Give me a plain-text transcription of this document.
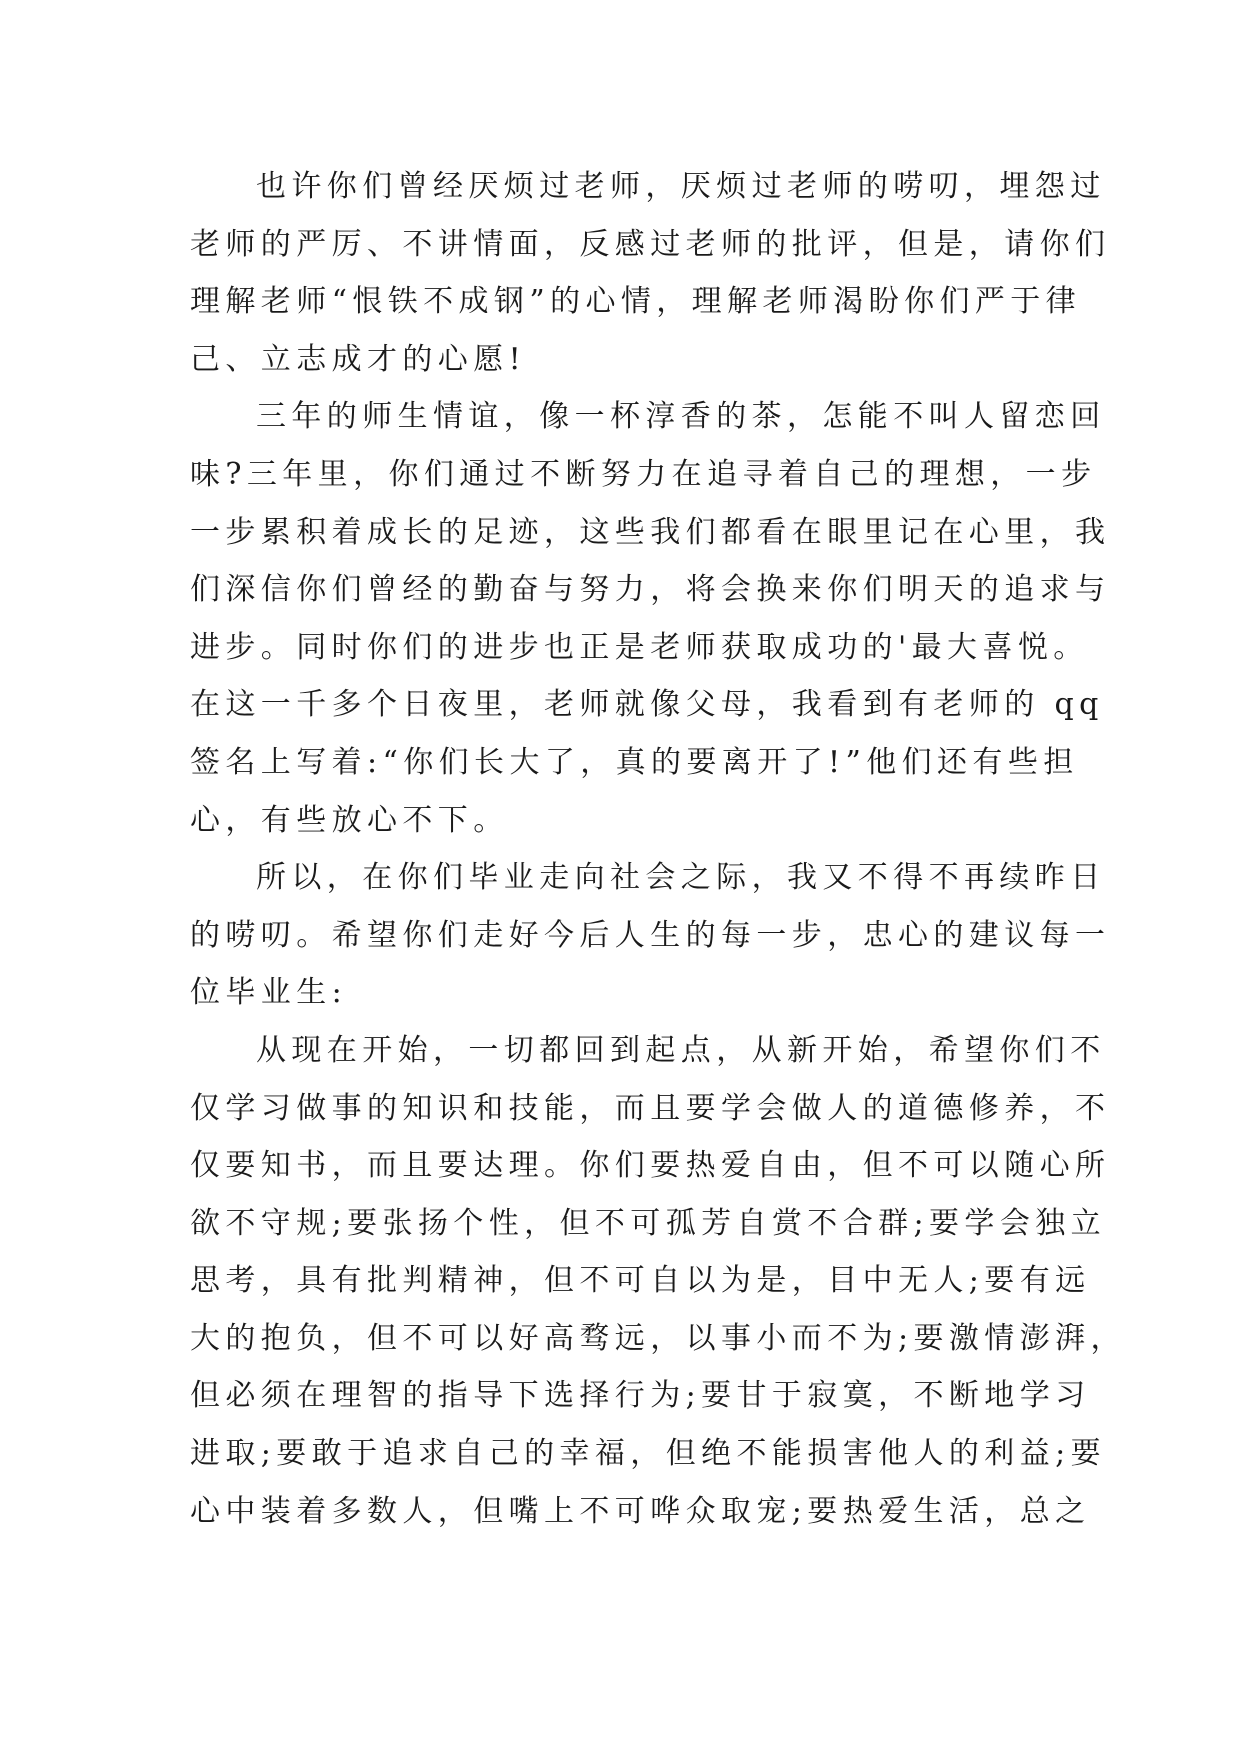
也许你们曾经厌烦过老师，厌烦过老师的唠叨，埋怨过
老师的严厉、不讲情面，反感过老师的批评，但是，请你们
理解老师“恨铁不成钢”的心情，理解老师渴盼你们严于律
己、立志成才的心愿!
三年的师生情谊，像一杯淳香的茶，怎能不叫人留恋回
味?三年里，你们通过不断努力在追寻着自己的理想，一步
一步累积着成长的足迹，这些我们都看在眼里记在心里，我
们深信你们曾经的勤奋与努力，将会换来你们明天的追求与
进步。同时你们的进步也正是老师获取成功的'最大喜悦。
在这一千多个日夜里，老师就像父母，我看到有老师的 qq
签名上写着:“你们长大了，真的要离开了!”他们还有些担
心，有些放心不下。
所以，在你们毕业走向社会之际，我又不得不再续昨日
的唠叨。希望你们走好今后人生的每一步，忠心的建议每一
位毕业生:
从现在开始，一切都回到起点，从新开始，希望你们不
仅学习做事的知识和技能，而且要学会做人的道德修养，不
仅要知书，而且要达理。你们要热爱自由，但不可以随心所
欲不守规;要张扬个性，但不可孤芳自赏不合群;要学会独立
思考，具有批判精神，但不可自以为是，目中无人;要有远
大的抱负，但不可以好高骛远，以事小而不为;要激情澎湃，
但必须在理智的指导下选择行为;要甘于寂寞，不断地学习
进取;要敢于追求自己的幸福，但绝不能损害他人的利益;要
心中装着多数人，但嘴上不可哗众取宠;要热爱生活，总之
